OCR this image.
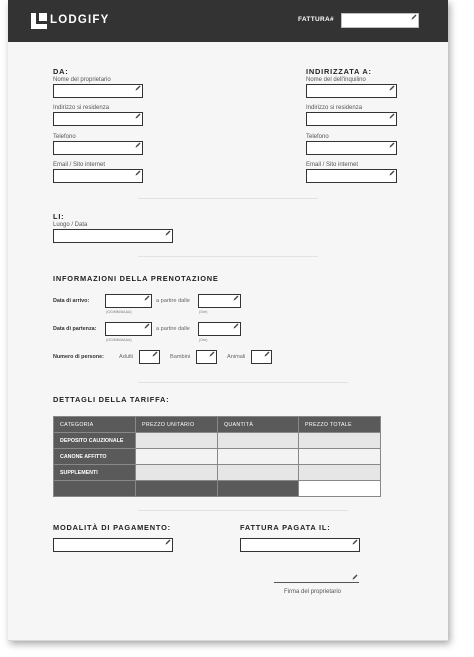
LODGIFY	FATTURA#
DA:
Nome del proprietario
Indirizzo si residenza
Telefono
Email / Sito internet
INDIRIZZATA A:
Nome del dell'inquilino
Indirizzo si residenza
Telefono
Email / Sito internet
LI:
Luogo / Data
INFORMAZIONI DELLA PRENOTAZIONE
Data di arrivo:
(GG/MM/AAAA)
a partire dalle
(Ore)
Data di partenza:
(GG/MM/AAAA)
a partire dalle
(Ore)
Numero di persone:	Adulti	Bambini	Animali
DETTAGLI DELLA TARIFFA:
CATEGORIA	PREZZO UNITARIO	QUANTITÀ	PREZZO TOTALE
DEPOSITO CAUZIONALE			
CANONE AFFITTO			
SUPPLEMENTI			

MODALITÀ DI PAGAMENTO:	FATTURA PAGATA IL:
Firma del proprietario
